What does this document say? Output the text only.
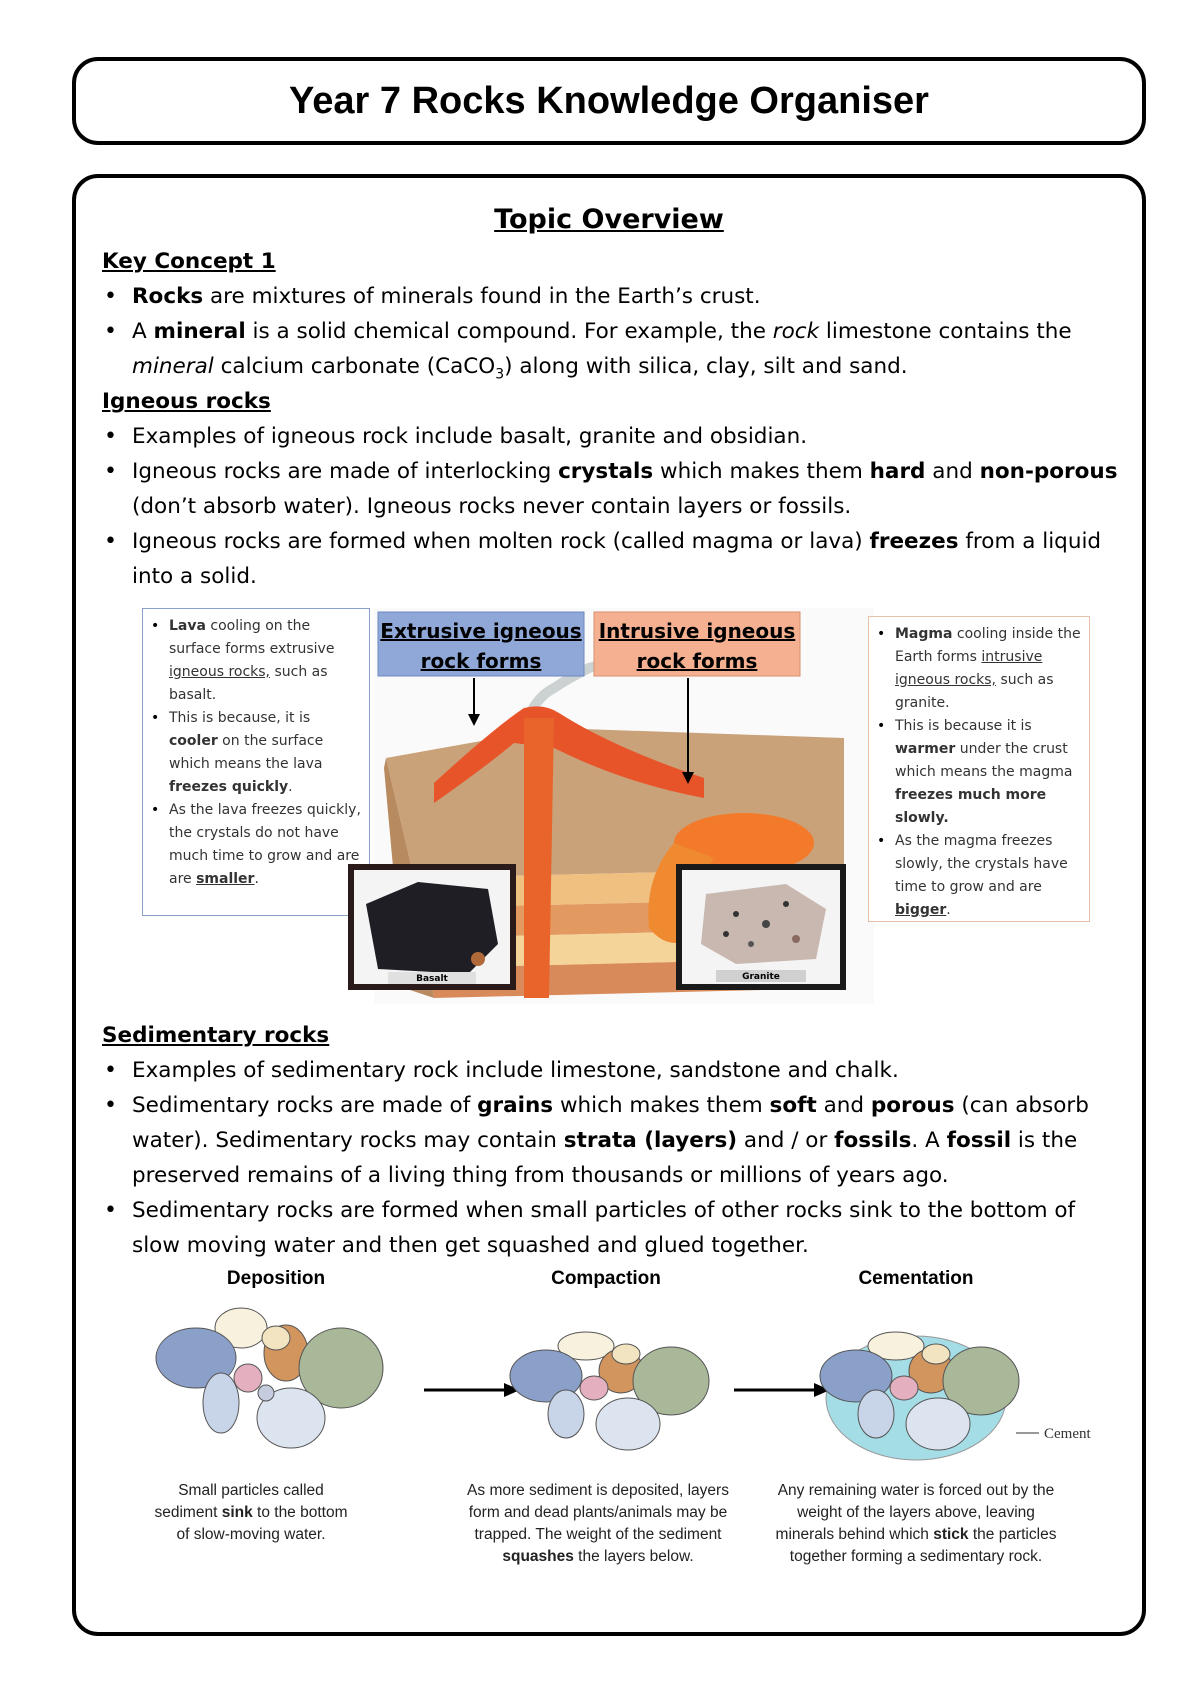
Year 7 Rocks Knowledge Organiser
Topic Overview
Key Concept 1
• Rocks are mixtures of minerals found in the Earth’s crust.
• A mineral is a solid chemical compound. For example, the rock limestone contains the mineral calcium carbonate (CaCO$_3$) along with silica, clay, silt and sand.
Igneous rocks
• Examples of igneous rock include basalt, granite and obsidian.
• Igneous rocks are made of interlocking crystals which makes them hard and non-porous (don’t absorb water). Igneous rocks never contain layers or fossils.
• Igneous rocks are formed when molten rock (called magma or lava) freezes from a liquid into a solid.
• Lava cooling on the surface forms extrusive igneous rocks, such as basalt.
• This is because, it is cooler on the surface which means the lava freezes quickly.
• As the lava freezes quickly, the crystals do not have much time to grow and are are smaller.
Extrusive igneous rock forms
Intrusive igneous rock forms
Basalt	Granite
• Magma cooling inside the Earth forms intrusive igneous rocks, such as granite.
• This is because it is warmer under the crust which means the magma freezes much more slowly.
• As the magma freezes slowly, the crystals have time to grow and are bigger.
Sedimentary rocks
• Examples of sedimentary rock include limestone, sandstone and chalk.
• Sedimentary rocks are made of grains which makes them soft and porous (can absorb water). Sedimentary rocks may contain strata (layers) and / or fossils. A fossil is the preserved remains of a living thing from thousands or millions of years ago.
• Sedimentary rocks are formed when small particles of other rocks sink to the bottom of slow moving water and then get squashed and glued together.
Deposition	Compaction	Cementation
Cement
Small particles called sediment sink to the bottom of slow-moving water.
As more sediment is deposited, layers form and dead plants/animals may be trapped. The weight of the sediment squashes the layers below.
Any remaining water is forced out by the weight of the layers above, leaving minerals behind which stick the particles together forming a sedimentary rock.
